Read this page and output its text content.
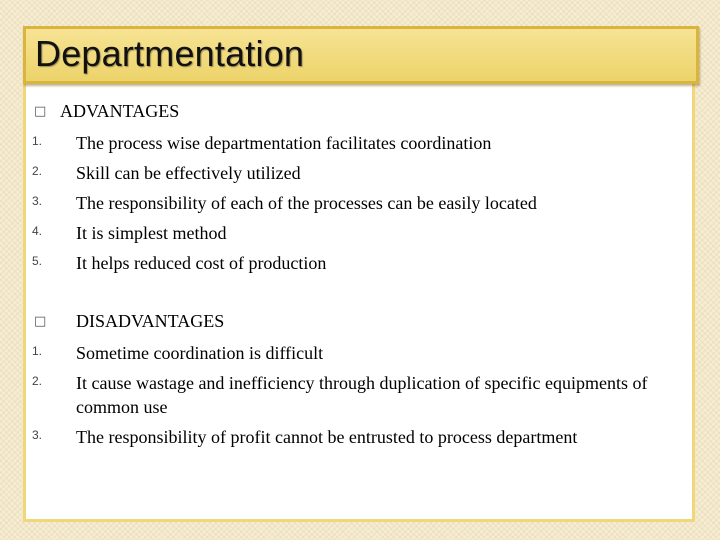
Departmentation
□ ADVANTAGES
1. The process wise departmentation facilitates coordination
2. Skill can be effectively utilized
3. The responsibility of each of the processes can be easily located
4. It is simplest method
5. It helps reduced cost of production
□ DISADVANTAGES
1. Sometime coordination is difficult
2. It cause wastage and inefficiency through duplication of specific equipments of common use
3. The responsibility of profit cannot be entrusted to process department
